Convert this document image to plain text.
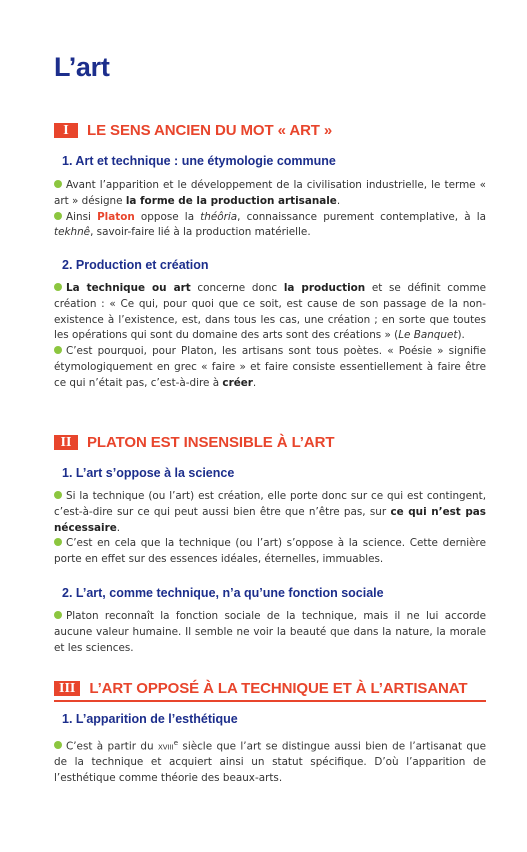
L’art
I	LE SENS ANCIEN DU MOT « ART »
1. Art et technique : une étymologie commune

Avant l’apparition et le développement de la civilisation industrielle, le terme « art » désigne la forme de la production artisanale.

Ainsi Platon oppose la théôria, connaissance purement contemplative, à la tekhnê, savoir-faire lié à la production matérielle.

2. Production et création

La technique ou art concerne donc la production et se définit comme création : « Ce qui, pour quoi que ce soit, est cause de son passage de la non-existence à l’existence, est, dans tous les cas, une création ; en sorte que toutes les opérations qui sont du domaine des arts sont des créations » (Le Banquet).

C’est pourquoi, pour Platon, les artisans sont tous poètes. « Poésie » signifie étymologiquement en grec « faire » et faire consiste essentiellement à faire être ce qui n’était pas, c’est-à-dire à créer.

II	PLATON EST INSENSIBLE À L’ART
1. L’art s’oppose à la science

Si la technique (ou l’art) est création, elle porte donc sur ce qui est contingent, c’est-à-dire sur ce qui peut aussi bien être que n’être pas, sur ce qui n’est pas nécessaire.

C’est en cela que la technique (ou l’art) s’oppose à la science. Cette dernière porte en effet sur des essences idéales, éternelles, immuables.

2. L’art, comme technique, n’a qu’une fonction sociale

Platon reconnaît la fonction sociale de la technique, mais il ne lui accorde aucune valeur humaine. Il semble ne voir la beauté que dans la nature, la morale et les sciences.

III L’ART OPPOSÉ À LA TECHNIQUE ET À L’ARTISANAT
1. L’apparition de l’esthétique

C’est à partir du xviii$^e$ siècle que l’art se distingue aussi bien de l’artisanat que de la technique et acquiert ainsi un statut spécifique. D’où l’apparition de l’esthétique comme théorie des beaux-arts.
